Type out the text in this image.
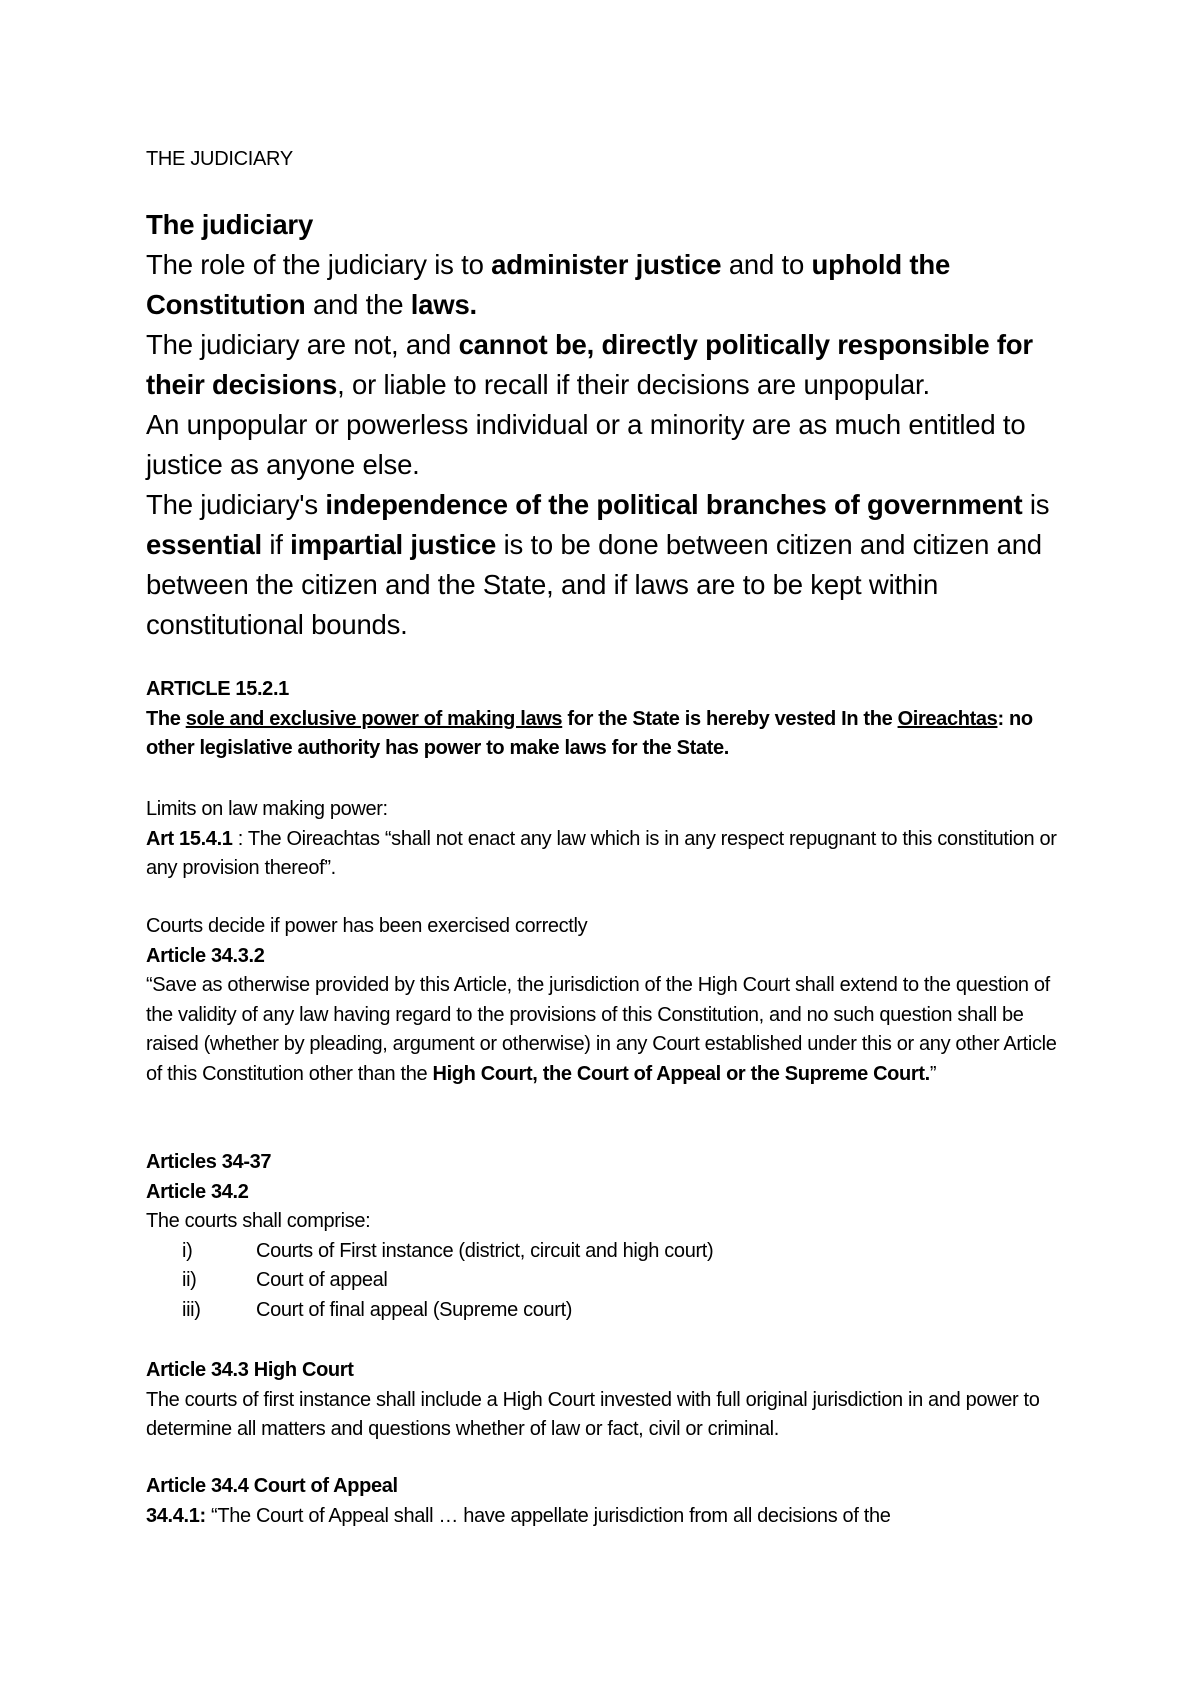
THE JUDICIARY

The judiciary

The role of the judiciary is to administer justice and to uphold the Constitution and the laws.

The judiciary are not, and cannot be, directly politically responsible for their decisions, or liable to recall if their decisions are unpopular.

An unpopular or powerless individual or a minority are as much entitled to justice as anyone else.

The judiciary's independence of the political branches of government is essential if impartial justice is to be done between citizen and citizen and between the citizen and the State, and if laws are to be kept within constitutional bounds.

ARTICLE 15.2.1

The sole and exclusive power of making laws for the State is hereby vested In the Oireachtas: no other legislative authority has power to make laws for the State.

Limits on law making power:

Art 15.4.1 : The Oireachtas “shall not enact any law which is in any respect repugnant to this constitution or any provision thereof”.

Courts decide if power has been exercised correctly

Article 34.3.2

“Save as otherwise provided by this Article, the jurisdiction of the High Court shall extend to the question of the validity of any law having regard to the provisions of this Constitution, and no such question shall be raised (whether by pleading, argument or otherwise) in any Court established under this or any other Article of this Constitution other than the High Court, the Court of Appeal or the Supreme Court.”

Articles 34-37

Article 34.2

The courts shall comprise:

i)	Courts of First instance (district, circuit and high court)
ii)	Court of appeal
iii)	Court of final appeal (Supreme court)

Article 34.3 High Court

The courts of first instance shall include a High Court invested with full original jurisdiction in and power to determine all matters and questions whether of law or fact, civil or criminal.

Article 34.4 Court of Appeal

34.4.1: “The Court of Appeal shall … have appellate jurisdiction from all decisions of the
